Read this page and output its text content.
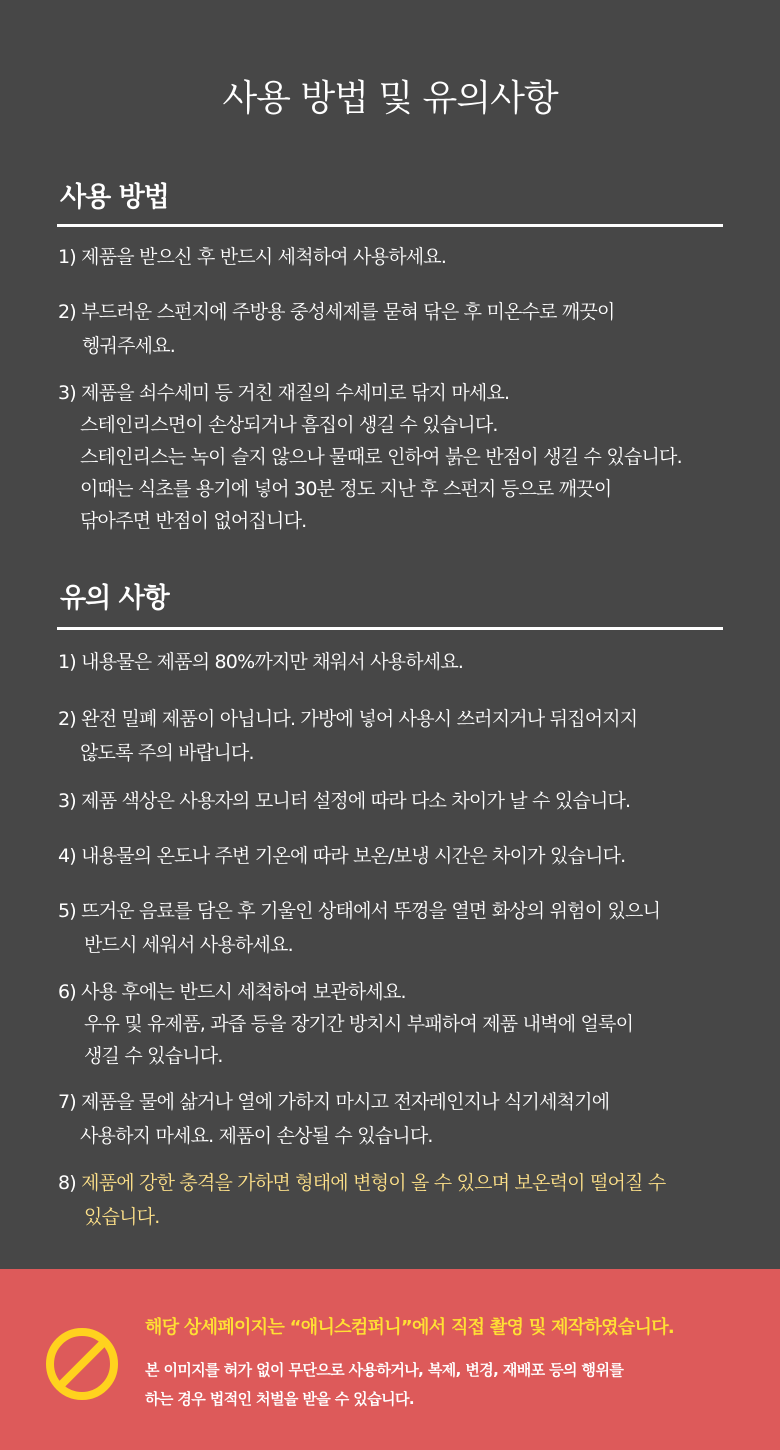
사용 방법 및 유의사항
사용 방법
1) 제품을 받으신 후 반드시 세척하여 사용하세요.
2) 부드러운 스펀지에 주방용 중성세제를 묻혀 닦은 후 미온수로 깨끗이
헹궈주세요.
3) 제품을 쇠수세미 등 거친 재질의 수세미로 닦지 마세요.
스테인리스면이 손상되거나 흠집이 생길 수 있습니다.
스테인리스는 녹이 슬지 않으나 물때로 인하여 붉은 반점이 생길 수 있습니다.
이때는 식초를 용기에 넣어 30분 정도 지난 후 스펀지 등으로 깨끗이
닦아주면 반점이 없어집니다.
유의 사항
1) 내용물은 제품의 80%까지만 채워서 사용하세요.
2) 완전 밀폐 제품이 아닙니다. 가방에 넣어 사용시 쓰러지거나 뒤집어지지
않도록 주의 바랍니다.
3) 제품 색상은 사용자의 모니터 설정에 따라 다소 차이가 날 수 있습니다.
4) 내용물의 온도나 주변 기온에 따라 보온/보냉 시간은 차이가 있습니다.
5) 뜨거운 음료를 담은 후 기울인 상태에서 뚜껑을 열면 화상의 위험이 있으니
반드시 세워서 사용하세요.
6) 사용 후에는 반드시 세척하여 보관하세요.
우유 및 유제품, 과즙 등을 장기간 방치시 부패하여 제품 내벽에 얼룩이
생길 수 있습니다.
7) 제품을 물에 삶거나 열에 가하지 마시고 전자레인지나 식기세척기에
사용하지 마세요. 제품이 손상될 수 있습니다.
8) 제품에 강한 충격을 가하면 형태에 변형이 올 수 있으며 보온력이 떨어질 수
있습니다.
해당 상세페이지는 “애니스컴퍼니”에서 직접 촬영 및 제작하였습니다.
본 이미지를 허가 없이 무단으로 사용하거나, 복제, 변경, 재배포 등의 행위를
하는 경우 법적인 처벌을 받을 수 있습니다.
